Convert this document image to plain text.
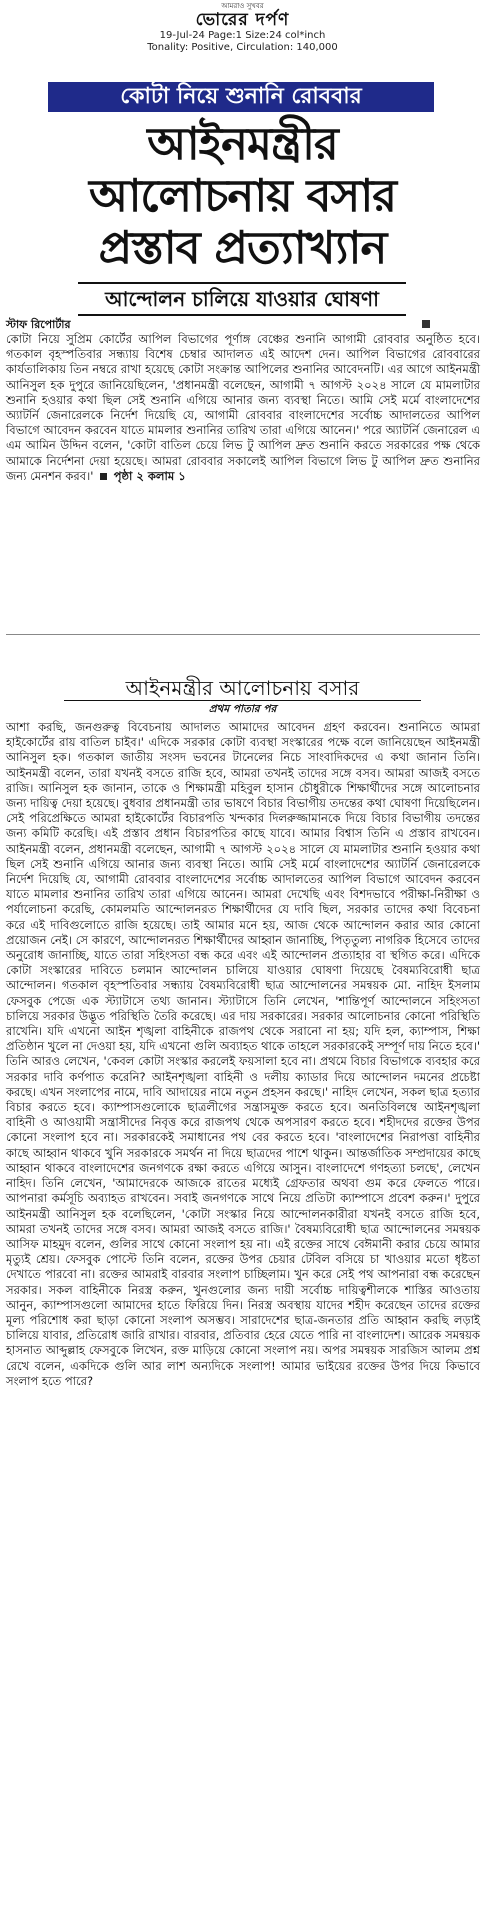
আমরাও সুখবর
ভোরের দর্পণ
19-Jul-24 Page:1 Size:24 col*inch
Tonality: Positive, Circulation: 140,000
কোটা নিয়ে শুনানি রোববার
আইনমন্ত্রীর
আলোচনায় বসার
প্রস্তাব প্রত্যাখ্যান
আন্দোলন চালিয়ে যাওয়ার ঘোষণা
স্টাফ রিপোর্টার
কোটা নিয়ে সুপ্রিম কোর্টের আপিল বিভাগের পূর্ণাঙ্গ বেঞ্চের শুনানি আগামী রোববার অনুষ্ঠিত হবে। গতকাল বৃহস্পতিবার সন্ধ্যায় বিশেষ চেম্বার আদালত এই আদেশ দেন। আপিল বিভাগের রোববারের কার্যতালিকায় তিন নম্বরে রাখা হয়েছে কোটা সংক্রান্ত আপিলের শুনানির আবেদনটি। এর আগে আইনমন্ত্রী আনিসুল হক দুপুরে জানিয়েছিলেন, 'প্রধানমন্ত্রী বলেছেন, আগামী ৭ আগস্ট ২০২৪ সালে যে মামলাটার শুনানি হওয়ার কথা ছিল সেই শুনানি এগিয়ে আনার জন্য ব্যবস্থা নিতে। আমি সেই মর্মে বাংলাদেশের অ্যাটর্নি জেনারেলকে নির্দেশ দিয়েছি যে, আগামী রোববার বাংলাদেশের সর্বোচ্চ আদালতের আপিল বিভাগে আবেদন করবেন যাতে মামলার শুনানির তারিখ তারা এগিয়ে আনেন।' পরে অ্যাটর্নি জেনারেল এ এম আমিন উদ্দিন বলেন, 'কোটা বাতিল চেয়ে লিভ টু আপিল দ্রুত শুনানি করতে সরকারের পক্ষ থেকে আমাকে নির্দেশনা দেয়া হয়েছে। আমরা রোববার সকালেই আপিল বিভাগে লিভ টু আপিল দ্রুত শুনানির জন্য মেনশন করব।' পৃষ্ঠা ২ কলাম ১
আইনমন্ত্রীর আলোচনায় বসার
প্রথম পাতার পর
আশা করছি, জনগুরুত্ব বিবেচনায় আদালত আমাদের আবেদন গ্রহণ করবেন। শুনানিতে আমরা হাইকোর্টের রায় বাতিল চাইব।' এদিকে সরকার কোটা ব্যবস্থা সংস্কারের পক্ষে বলে জানিয়েছেন আইনমন্ত্রী আনিসুল হক। গতকাল জাতীয় সংসদ ভবনের টানেলের নিচে সাংবাদিকদের এ কথা জানান তিনি। আইনমন্ত্রী বলেন, তারা যখনই বসতে রাজি হবে, আমরা তখনই তাদের সঙ্গে বসব। আমরা আজই বসতে রাজি। আনিসুল হক জানান, তাকে ও শিক্ষামন্ত্রী মহিবুল হাসান চৌধুরীকে শিক্ষার্থীদের সঙ্গে আলোচনার জন্য দায়িত্ব দেয়া হয়েছে। বুধবার প্রধানমন্ত্রী তার ভাষণে বিচার বিভাগীয় তদন্তের কথা ঘোষণা দিয়েছিলেন। সেই পরিপ্রেক্ষিতে আমরা হাইকোর্টের বিচারপতি খন্দকার দিলরুজ্জামানকে দিয়ে বিচার বিভাগীয় তদন্তের জন্য কমিটি করেছি। এই প্রস্তাব প্রধান বিচারপতির কাছে যাবে। আমার বিশ্বাস তিনি এ প্রস্তাব রাখবেন। আইনমন্ত্রী বলেন, প্রধানমন্ত্রী বলেছেন, আগামী ৭ আগস্ট ২০২৪ সালে যে মামলাটার শুনানি হওয়ার কথা ছিল সেই শুনানি এগিয়ে আনার জন্য ব্যবস্থা নিতে। আমি সেই মর্মে বাংলাদেশের অ্যাটর্নি জেনারেলকে নির্দেশ দিয়েছি যে, আগামী রোববার বাংলাদেশের সর্বোচ্চ আদালতের আপিল বিভাগে আবেদন করবেন যাতে মামলার শুনানির তারিখ তারা এগিয়ে আনেন। আমরা দেখেছি এবং বিশদভাবে পরীক্ষা-নিরীক্ষা ও পর্যালোচনা করেছি, কোমলমতি আন্দোলনরত শিক্ষার্থীদের যে দাবি ছিল, সরকার তাদের কথা বিবেচনা করে এই দাবিগুলোতে রাজি হয়েছে। তাই আমার মনে হয়, আজ থেকে আন্দোলন করার আর কোনো প্রয়োজন নেই। সে কারণে, আন্দোলনরত শিক্ষার্থীদের আহ্বান জানাচ্ছি, পিতৃতুল্য নাগরিক হিসেবে তাদের অনুরোধ জানাচ্ছি, যাতে তারা সহিংসতা বন্ধ করে এবং এই আন্দোলন প্রত্যাহার বা স্থগিত করে। এদিকে কোটা সংস্কারের দাবিতে চলমান আন্দোলন চালিয়ে যাওয়ার ঘোষণা দিয়েছে বৈষম্যবিরোধী ছাত্র আন্দোলন। গতকাল বৃহস্পতিবার সন্ধ্যায় বৈষম্যবিরোধী ছাত্র আন্দোলনের সমন্বয়ক মো. নাহিদ ইসলাম ফেসবুক পেজে এক স্ট্যাটাসে তথ্য জানান। স্ট্যাটাসে তিনি লেখেন, 'শান্তিপূর্ণ আন্দোলনে সহিংসতা চালিয়ে সরকার উদ্ভূত পরিস্থিতি তৈরি করেছে। এর দায় সরকারের। সরকার আলোচনার কোনো পরিস্থিতি রাখেনি। যদি এখনো আইন শৃঙ্খলা বাহিনীকে রাজপথ থেকে সরানো না হয়; যদি হল, ক্যাম্পাস, শিক্ষা প্রতিষ্ঠান খুলে না দেওয়া হয়, যদি এখনো গুলি অব্যাহত থাকে তাহলে সরকারকেই সম্পূর্ণ দায় নিতে হবে।' তিনি আরও লেখেন, 'কেবল কোটা সংস্কার করলেই ফয়সালা হবে না। প্রথমে বিচার বিভাগকে ব্যবহার করে সরকার দাবি কর্ণপাত করেনি? আইনশৃঙ্খলা বাহিনী ও দলীয় ক্যাডার দিয়ে আন্দোলন দমনের প্রচেষ্টা করছে। এখন সংলাপের নামে, দাবি আদায়ের নামে নতুন প্রহসন করছে।' নাহিদ লেখেন, সকল ছাত্র হত্যার বিচার করতে হবে। ক্যাম্পাসগুলোকে ছাত্রলীগের সন্ত্রাসমুক্ত করতে হবে। অনতিবিলম্বে আইনশৃঙ্খলা বাহিনী ও আওয়ামী সন্ত্রাসীদের নিবৃত্ত করে রাজপথ থেকে অপসারণ করতে হবে। শহীদদের রক্তের উপর কোনো সংলাপ হবে না। সরকারকেই সমাধানের পথ বের করতে হবে। 'বাংলাদেশের নিরাপত্তা বাহিনীর কাছে আহ্বান থাকবে খুনি সরকারকে সমর্থন না দিয়ে ছাত্রদের পাশে থাকুন। আন্তর্জাতিক সম্প্রদায়ের কাছে আহ্বান থাকবে বাংলাদেশের জনগণকে রক্ষা করতে এগিয়ে আসুন। বাংলাদেশে গণহত্যা চলছে', লেখেন নাহিদ। তিনি লেখেন, 'আমাদেরকে আজকে রাতের মধ্যেই গ্রেফতার অথবা গুম করে ফেলতে পারে। আপনারা কর্মসূচি অব্যাহত রাখবেন। সবাই জনগণকে সাথে নিয়ে প্রতিটা ক্যাম্পাসে প্রবেশ করুন।' দুপুরে আইনমন্ত্রী আনিসুল হক বলেছিলেন, 'কোটা সংস্কার নিয়ে আন্দোলনকারীরা যখনই বসতে রাজি হবে, আমরা তখনই তাদের সঙ্গে বসব। আমরা আজই বসতে রাজি।' বৈষম্যবিরোধী ছাত্র আন্দোলনের সমন্বয়ক আসিফ মাহমুদ বলেন, গুলির সাথে কোনো সংলাপ হয় না। এই রক্তের সাথে বেঈমানী করার চেয়ে আমার মৃত্যুই শ্রেয়। ফেসবুক পোস্টে তিনি বলেন, রক্তের উপর চেয়ার টেবিল বসিয়ে চা খাওয়ার মতো ধৃষ্টতা দেখাতে পারবো না। রক্তের আমরাই বারবার সংলাপ চাচ্ছিলাম। খুন করে সেই পথ আপনারা বন্ধ করেছেন সরকার। সকল বাহিনীকে নিরস্ত্র করুন, খুনগুলোর জন্য দায়ী সর্বোচ্চ দায়িত্বশীলকে শাস্তির আওতায় আনুন, ক্যাম্পাসগুলো আমাদের হাতে ফিরিয়ে দিন। নিরস্ত্র অবস্থায় যাদের শহীদ করেছেন তাদের রক্তের মূল্য পরিশোধ করা ছাড়া কোনো সংলাপ অসম্ভব। সারাদেশের ছাত্র-জনতার প্রতি আহ্বান করছি লড়াই চালিয়ে যাবার, প্রতিরোধ জারি রাখার। বারবার, প্রতিবার হেরে যেতে পারি না বাংলাদেশ। আরেক সমন্বয়ক হাসনাত আব্দুল্লাহ ফেসবুকে লিখেন, রক্ত মাড়িয়ে কোনো সংলাপ নয়। অপর সমন্বয়ক সারজিস আলম প্রশ্ন রেখে বলেন, একদিকে গুলি আর লাশ অন্যদিকে সংলাপ! আমার ভাইয়ের রক্তের উপর দিয়ে কিভাবে সংলাপ হতে পারে?
